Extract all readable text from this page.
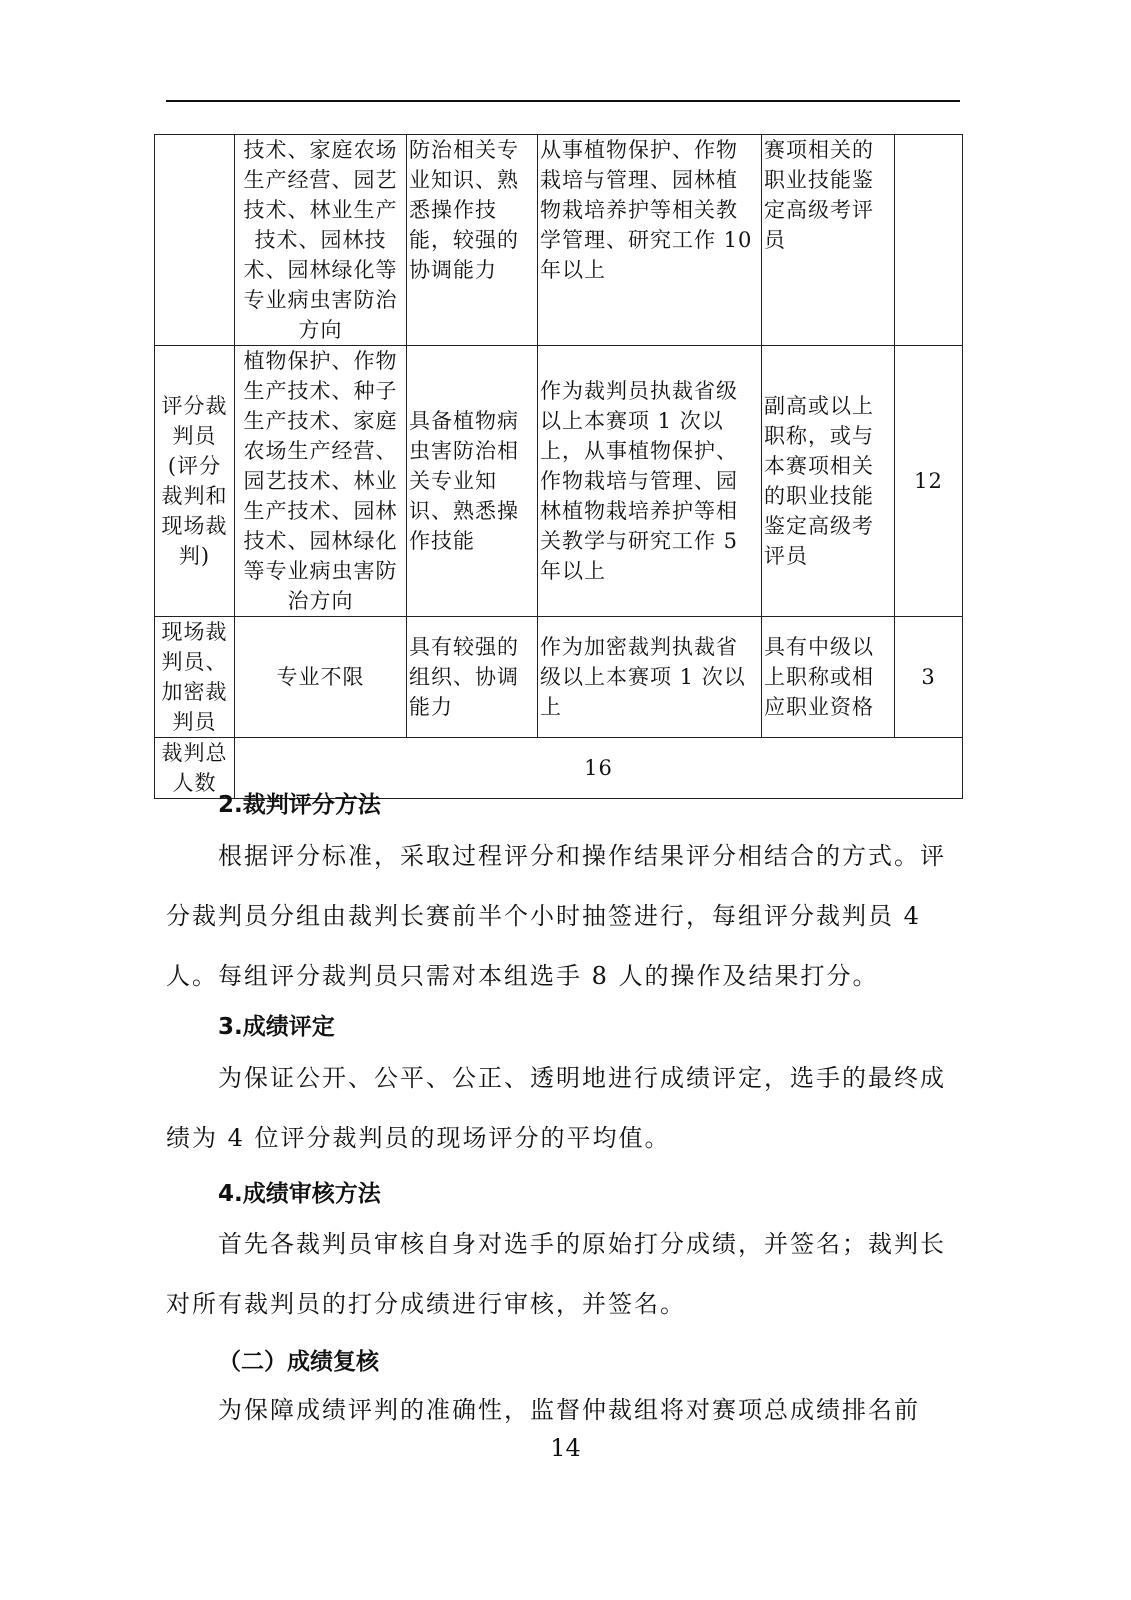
	技术、家庭农场生产经营、园艺技术、林业生产技术、园林技术、园林绿化等专业病虫害防治方向	防治相关专业知识、熟悉操作技能，较强的协调能力	从事植物保护、作物栽培与管理、园林植物栽培养护等相关教学管理、研究工作 10 年以上	赛项相关的职业技能鉴定高级考评员	
评分裁判员(评分裁判和现场裁判)	植物保护、作物生产技术、种子生产技术、家庭农场生产经营、园艺技术、林业生产技术、园林技术、园林绿化等专业病虫害防治方向	具备植物病虫害防治相关专业知识、熟悉操作技能	作为裁判员执裁省级以上本赛项 1 次以上，从事植物保护、作物栽培与管理、园林植物栽培养护等相关教学与研究工作 5 年以上	副高或以上职称，或与本赛项相关的职业技能鉴定高级考评员	12
现场裁判员、加密裁判员	专业不限	具有较强的组织、协调能力	作为加密裁判执裁省级以上本赛项 1 次以上	具有中级以上职称或相应职业资格	3
裁判总人数	16				
2.裁判评分方法
根据评分标准，采取过程评分和操作结果评分相结合的方式。评分裁判员分组由裁判长赛前半个小时抽签进行，每组评分裁判员 4 人。每组评分裁判员只需对本组选手 8 人的操作及结果打分。
3.成绩评定
为保证公开、公平、公正、透明地进行成绩评定，选手的最终成绩为 4 位评分裁判员的现场评分的平均值。
4.成绩审核方法
首先各裁判员审核自身对选手的原始打分成绩，并签名；裁判长对所有裁判员的打分成绩进行审核，并签名。
（二）成绩复核
为保障成绩评判的准确性，监督仲裁组将对赛项总成绩排名前
14
